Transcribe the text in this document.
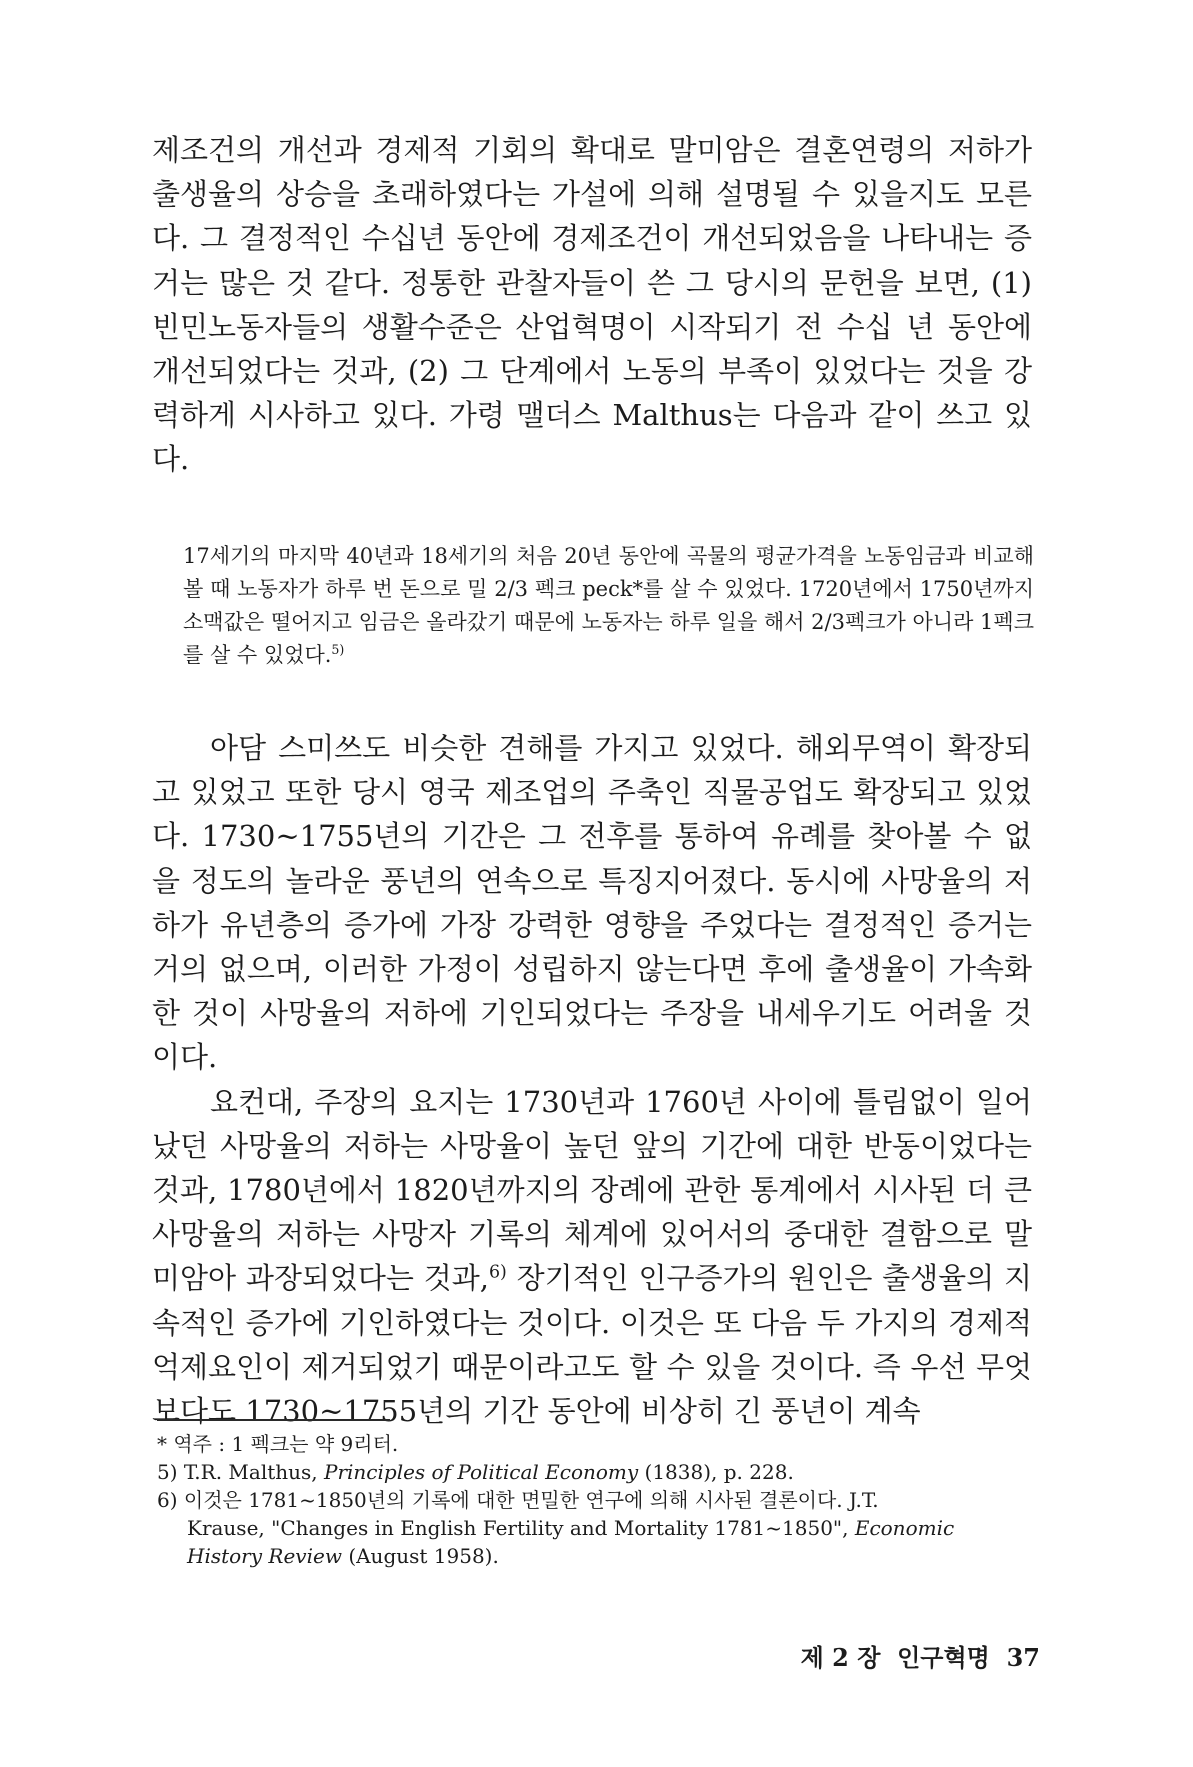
제조건의 개선과 경제적 기회의 확대로 말미암은 결혼연령의 저하가 출생율의 상승을 초래하였다는 가설에 의해 설명될 수 있을지도 모른다. 그 결정적인 수십년 동안에 경제조건이 개선되었음을 나타내는 증거는 많은 것 같다. 정통한 관찰자들이 쓴 그 당시의 문헌을 보면, (1) 빈민노동자들의 생활수준은 산업혁명이 시작되기 전 수십 년 동안에 개선되었다는 것과, (2) 그 단계에서 노동의 부족이 있었다는 것을 강력하게 시사하고 있다. 가령 맬더스 Malthus는 다음과 같이 쓰고 있다.

17세기의 마지막 40년과 18세기의 처음 20년 동안에 곡물의 평균가격을 노동임금과 비교해 볼 때 노동자가 하루 번 돈으로 밀 2/3 펙크 peck*를 살 수 있었다. 1720년에서 1750년까지 소맥값은 떨어지고 임금은 올라갔기 때문에 노동자는 하루 일을 해서 2/3펙크가 아니라 1펙크를 살 수 있었다.$^{5)}$

아담 스미쓰도 비슷한 견해를 가지고 있었다. 해외무역이 확장되고 있었고 또한 당시 영국 제조업의 주축인 직물공업도 확장되고 있었다. 1730~1755년의 기간은 그 전후를 통하여 유례를 찾아볼 수 없을 정도의 놀라운 풍년의 연속으로 특징지어졌다. 동시에 사망율의 저하가 유년층의 증가에 가장 강력한 영향을 주었다는 결정적인 증거는 거의 없으며, 이러한 가정이 성립하지 않는다면 후에 출생율이 가속화한 것이 사망율의 저하에 기인되었다는 주장을 내세우기도 어려울 것이다.

요컨대, 주장의 요지는 1730년과 1760년 사이에 틀림없이 일어났던 사망율의 저하는 사망율이 높던 앞의 기간에 대한 반동이었다는 것과, 1780년에서 1820년까지의 장례에 관한 통계에서 시사된 더 큰 사망율의 저하는 사망자 기록의 체계에 있어서의 중대한 결함으로 말미암아 과장되었다는 것과,$^{6)}$ 장기적인 인구증가의 원인은 출생율의 지속적인 증가에 기인하였다는 것이다. 이것은 또 다음 두 가지의 경제적 억제요인이 제거되었기 때문이라고도 할 수 있을 것이다. 즉 우선 무엇보다도 1730~1755년의 기간 동안에 비상히 긴 풍년이 계속

* 역주 : 1 펙크는 약 9리터.

5) T.R. Malthus, Principles of Political Economy (1838), p. 228.

6) 이것은 1781~1850년의 기록에 대한 면밀한 연구에 의해 시사된 결론이다. J.T.

Krause, "Changes in English Fertility and Mortality 1781~1850", Economic History Review (August 1958).

제 2 장 인구혁명 37
